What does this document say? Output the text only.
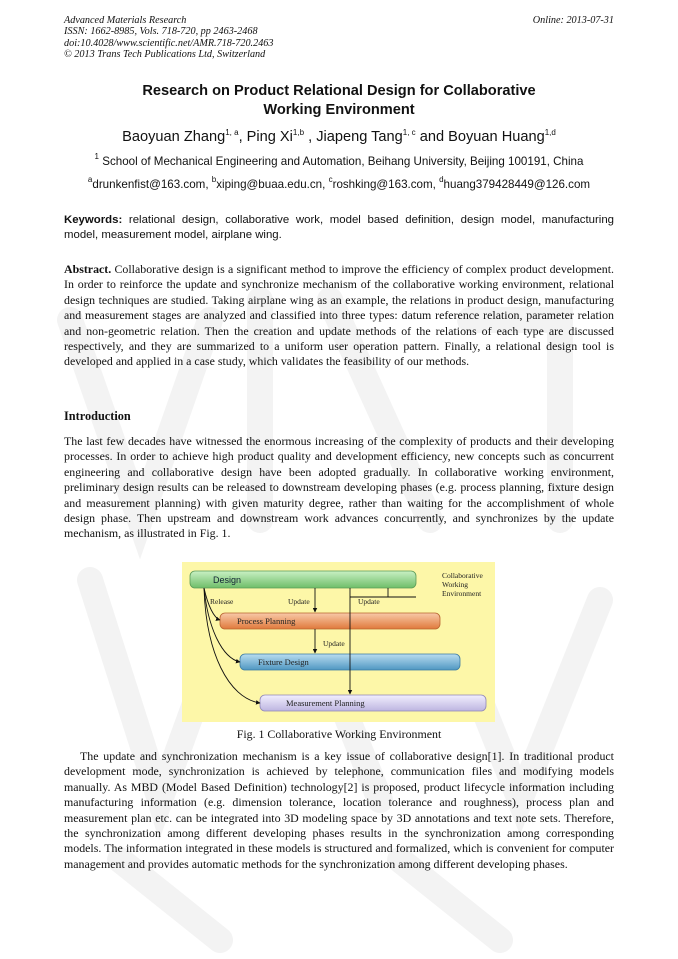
Advanced Materials Research
ISSN: 1662-8985, Vols. 718-720, pp 2463-2468
doi:10.4028/www.scientific.net/AMR.718-720.2463
© 2013 Trans Tech Publications Ltd, Switzerland
Online: 2013-07-31
Research on Product Relational Design for Collaborative
Working Environment
Baoyuan Zhang$^{1, a}$, Ping Xi$^{1,b}$ , Jiapeng Tang$^{1, c}$ and Boyuan Huang$^{1,d}$
$^1$ School of Mechanical Engineering and Automation, Beihang University, Beijing 100191, China
$^a$drunkenfist@163.com, $^b$xiping@buaa.edu.cn, $^c$roshking@163.com, $^d$huang379428449@126.com
Keywords: relational design, collaborative work, model based definition, design model, manufacturing model, measurement model, airplane wing.
Abstract. Collaborative design is a significant method to improve the efficiency of complex product development. In order to reinforce the update and synchronize mechanism of the collaborative working environment, relational design techniques are studied. Taking airplane wing as an example, the relations in product design, manufacturing and measurement stages are analyzed and classified into three types: datum reference relation, parameter relation and non-geometric relation. Then the creation and update methods of the relations of each type are discussed respectively, and they are summarized to a uniform user operation pattern. Finally, a relational design tool is developed and applied in a case study, which validates the feasibility of our methods.
Introduction
The last few decades have witnessed the enormous increasing of the complexity of products and their developing processes. In order to achieve high product quality and development efficiency, new concepts such as concurrent engineering and collaborative design have been adopted gradually. In collaborative working environment, preliminary design results can be released to downstream developing phases (e.g. process planning, fixture design and measurement planning) with given maturity degree, rather than waiting for the accomplishment of whole design phase. Then upstream and downstream work advances concurrently, and synchronizes by the update mechanism, as illustrated in Fig. 1.
Collaborative
Working
Environment
Design
Process Planning
Fixture Design
Measurement Planning
Release	Update	Update
Update
Fig. 1 Collaborative Working Environment
The update and synchronization mechanism is a key issue of collaborative design[1]. In traditional product development mode, synchronization is achieved by telephone, communication files and modifying models manually. As MBD (Model Based Definition) technology[2] is proposed, product lifecycle information including manufacturing information (e.g. dimension tolerance, location tolerance and roughness), process plan and measurement plan etc. can be integrated into 3D modeling space by 3D annotations and text note sets. Therefore, the synchronization among different developing phases results in the synchronization among corresponding models. The information integrated in these models is structured and formalized, which is convenient for computer management and provides automatic methods for the synchronization among different developing phases.
